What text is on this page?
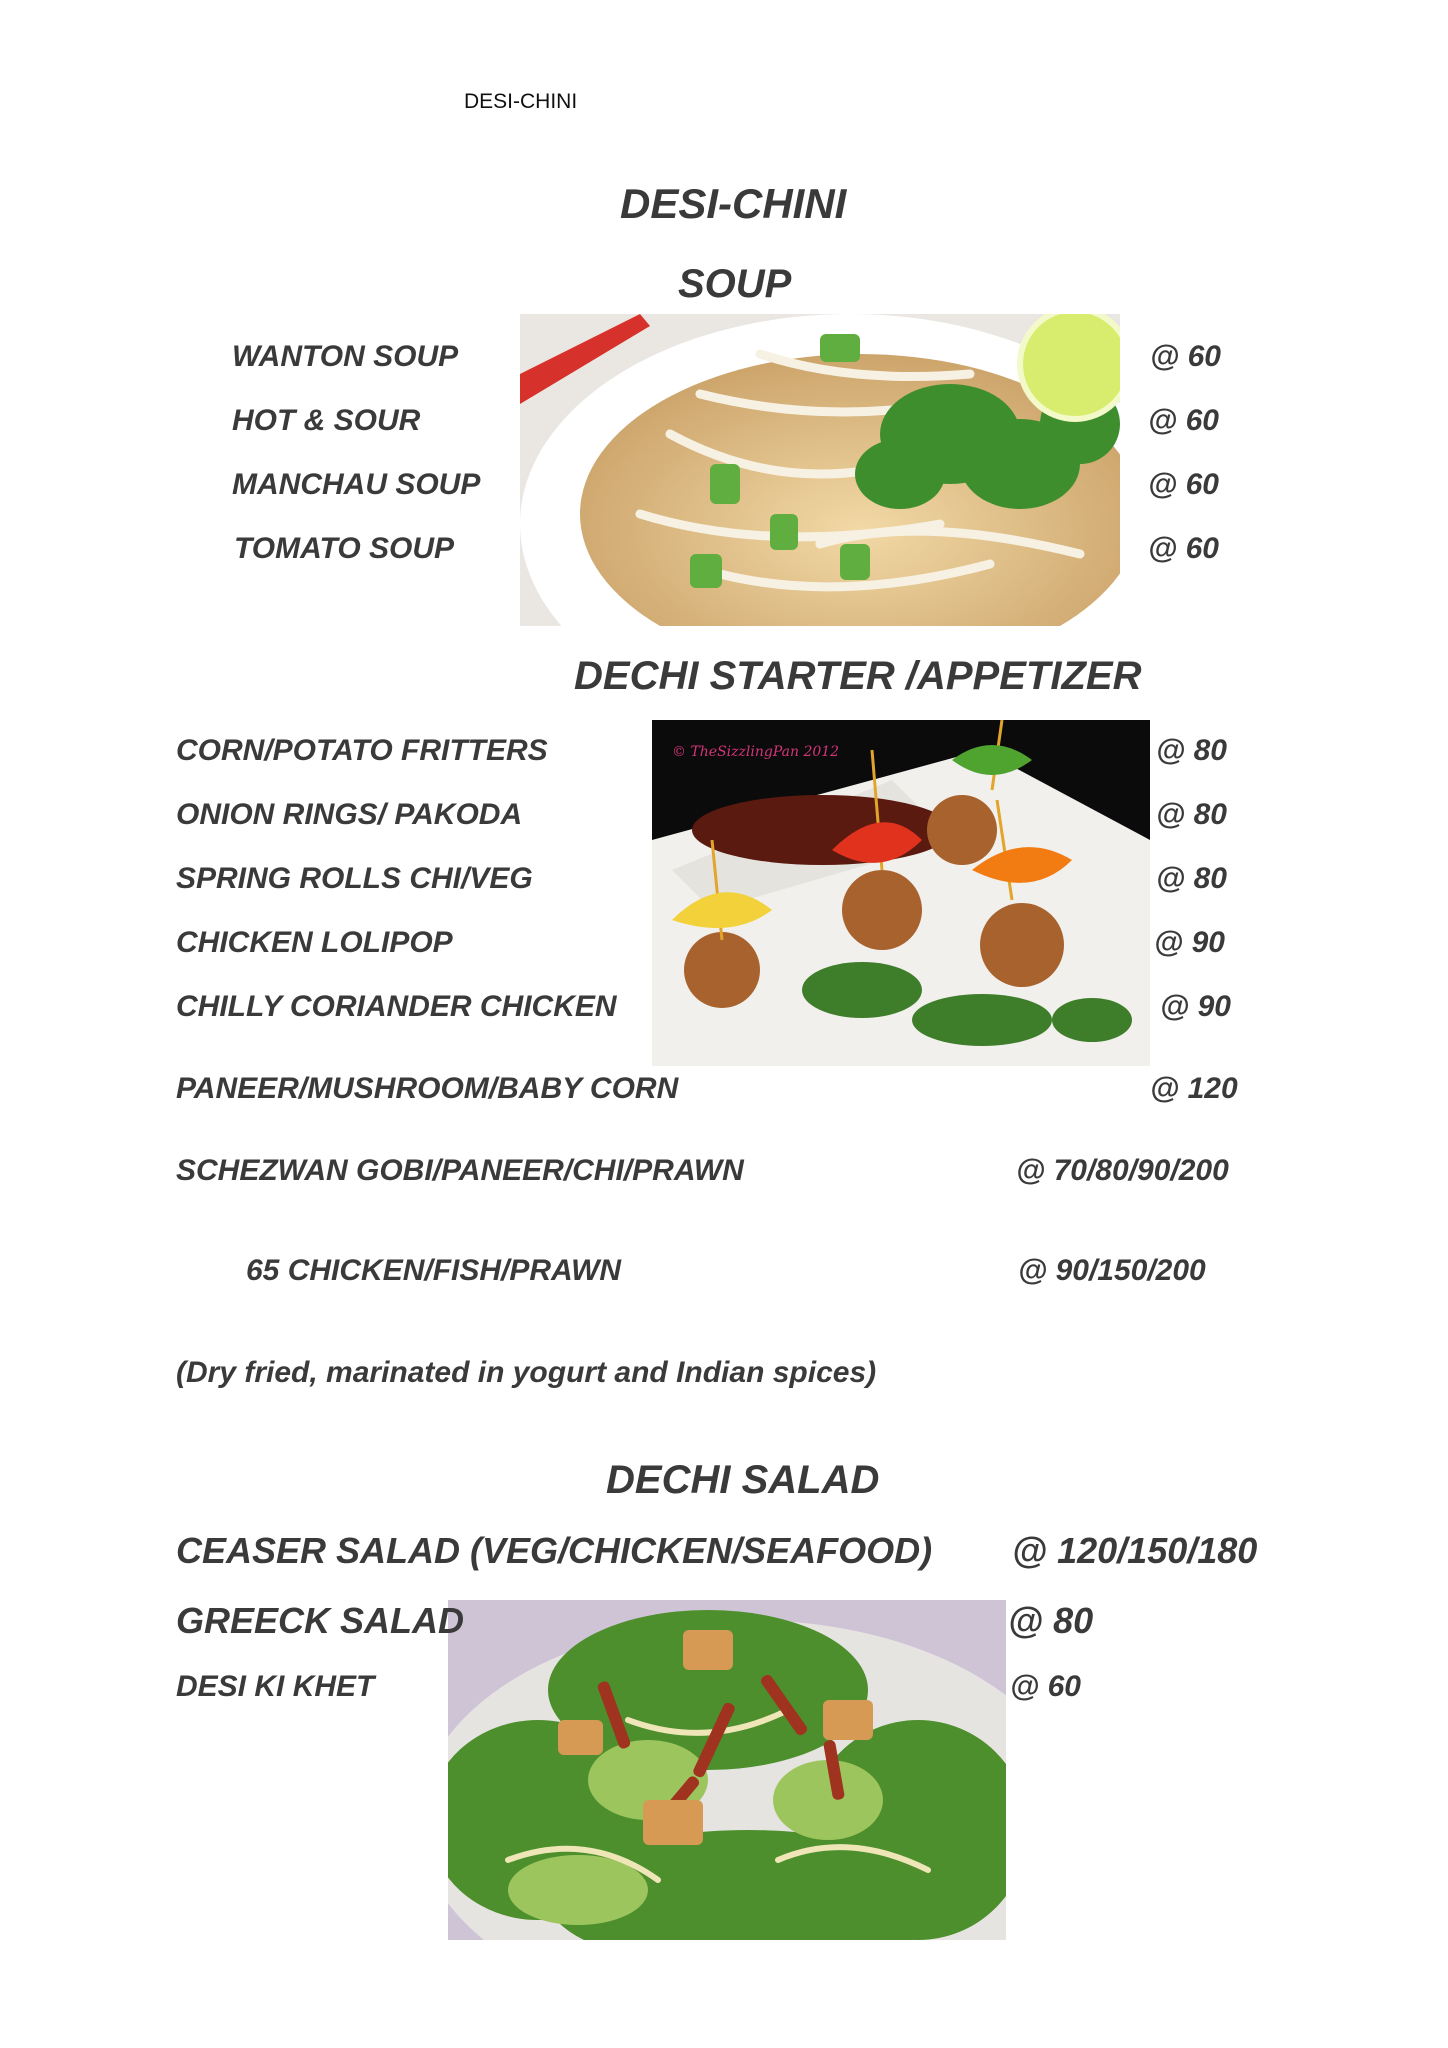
DESI-CHINI
DESI-CHINI
SOUP
WANTON SOUP	@ 60
HOT & SOUR	@ 60
MANCHAU SOUP	@ 60
TOMATO SOUP	@ 60
DECHI STARTER /APPETIZER
© TheSizzlingPan 2012
CORN/POTATO FRITTERS	@ 80
ONION RINGS/ PAKODA	@ 80
SPRING ROLLS CHI/VEG	@ 80
CHICKEN LOLIPOP	@ 90
CHILLY CORIANDER CHICKEN	@ 90
PANEER/MUSHROOM/BABY CORN	@ 120
SCHEZWAN GOBI/PANEER/CHI/PRAWN	@ 70/80/90/200
65 CHICKEN/FISH/PRAWN	@ 90/150/200
(Dry fried, marinated in yogurt and Indian spices)
DECHI SALAD
CEASER SALAD (VEG/CHICKEN/SEAFOOD) @ 120/150/180
GREECK SALAD	@ 80
DESI KI KHET	@ 60
